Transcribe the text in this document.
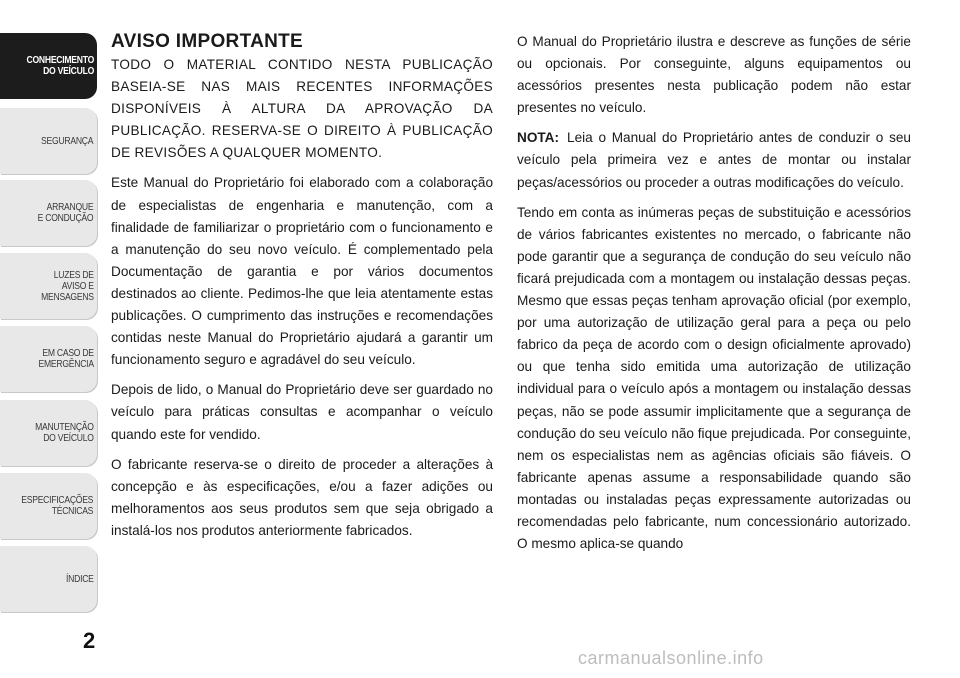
CONHECIMENTO
DO VEÍCULO
SEGURANÇA
ARRANQUE
E CONDUÇÃO
LUZES DE
AVISO E
MENSAGENS
EM CASO DE
EMERGÊNCIA
MANUTENÇÃO
DO VEÍCULO
ESPECIFICAÇÕES
TÉCNICAS
ÍNDICE
2
AVISO IMPORTANTE

TODO O MATERIAL CONTIDO NESTA PUBLICAÇÃO BASEIA-SE NAS MAIS RECENTES INFORMAÇÕES DISPONÍVEIS À ALTURA DA APROVAÇÃO DA PUBLICAÇÃO. RESERVA-SE O DIREITO À PUBLICAÇÃO DE REVISÕES A QUALQUER MOMENTO.

Este Manual do Proprietário foi elaborado com a colaboração de especialistas de engenharia e manutenção, com a finalidade de familiarizar o proprietário com o funcionamento e a manutenção do seu novo veículo. É complementado pela Documentação de garantia e por vários documentos destinados ao cliente. Pedimos-lhe que leia atentamente estas publicações. O cumprimento das instruções e recomendações contidas neste Manual do Proprietário ajudará a garantir um funcionamento seguro e agradável do seu veículo.

Depois de lido, o Manual do Proprietário deve ser guardado no veículo para práticas consultas e acompanhar o veículo quando este for vendido.

O fabricante reserva-se o direito de proceder a alterações à concepção e às especificações, e/ou a fazer adições ou melhoramentos aos seus produtos sem que seja obrigado a instalá-los nos produtos anteriormente fabricados.

O Manual do Proprietário ilustra e descreve as funções de série ou opcionais. Por conseguinte, alguns equipamentos ou acessórios presentes nesta publicação podem não estar presentes no veículo.

NOTA: Leia o Manual do Proprietário antes de conduzir o seu veículo pela primeira vez e antes de montar ou instalar peças/acessórios ou proceder a outras modificações do veículo.

Tendo em conta as inúmeras peças de substituição e acessórios de vários fabricantes existentes no mercado, o fabricante não pode garantir que a segurança de condução do seu veículo não ficará prejudicada com a montagem ou instalação dessas peças. Mesmo que essas peças tenham aprovação oficial (por exemplo, por uma autorização de utilização geral para a peça ou pelo fabrico da peça de acordo com o design oficialmente aprovado) ou que tenha sido emitida uma autorização de utilização individual para o veículo após a montagem ou instalação dessas peças, não se pode assumir implicitamente que a segurança de condução do seu veículo não fique prejudicada. Por conseguinte, nem os especialistas nem as agências oficiais são fiáveis. O fabricante apenas assume a responsabilidade quando são montadas ou instaladas peças expressamente autorizadas ou recomendadas pelo fabricante, num concessionário autorizado. O mesmo aplica-se quando

carmanualsonline.info
